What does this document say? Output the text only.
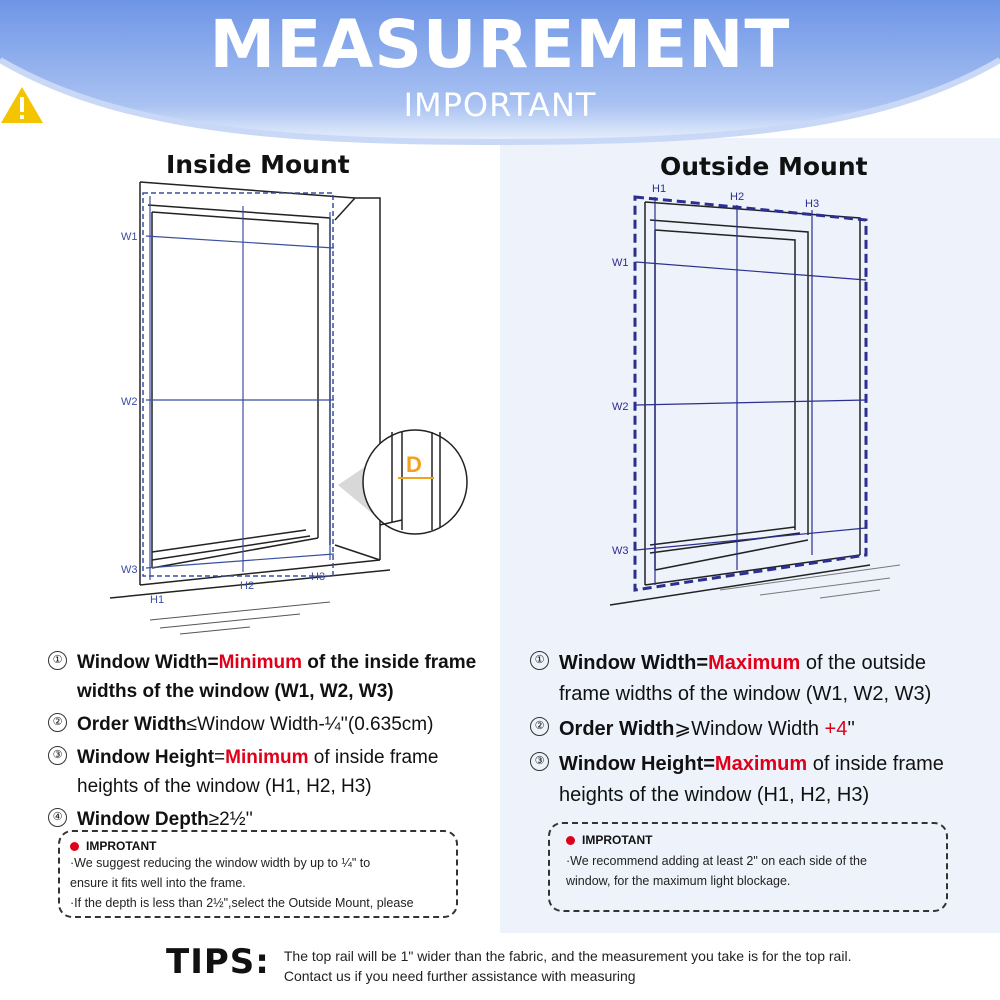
MEASUREMENT
IMPORTANT
Inside Mount	Outside Mount
W1
W2
W3
H1
H2
H3
D
W1
W2
W3
H1
H2
H3
① Window Width=Minimum of the inside frame widths of the window (W1, W2, W3)
② Order Width≤Window Width-¼''(0.635cm)
③ Window Height=Minimum of inside frame heights of the window (H1, H2, H3)
④ Window Depth≥2½''
① Window Width=Maximum of the outside frame widths of the window (W1, W2, W3)
② Order Width⩾Window Width +4''
③ Window Height=Maximum of inside frame heights of the window (H1, H2, H3)
IMPROTANT
·We suggest reducing the window width by up to ¼" to
ensure it fits well into the frame.
·If the depth is less than 2½",select the Outside Mount, please
IMPROTANT
·We recommend adding at least 2" on each side of the
window, for the maximum light blockage.
TIPS: The top rail will be 1" wider than the fabric, and the measurement you take is for the top rail.
Contact us if you need further assistance with measuring
